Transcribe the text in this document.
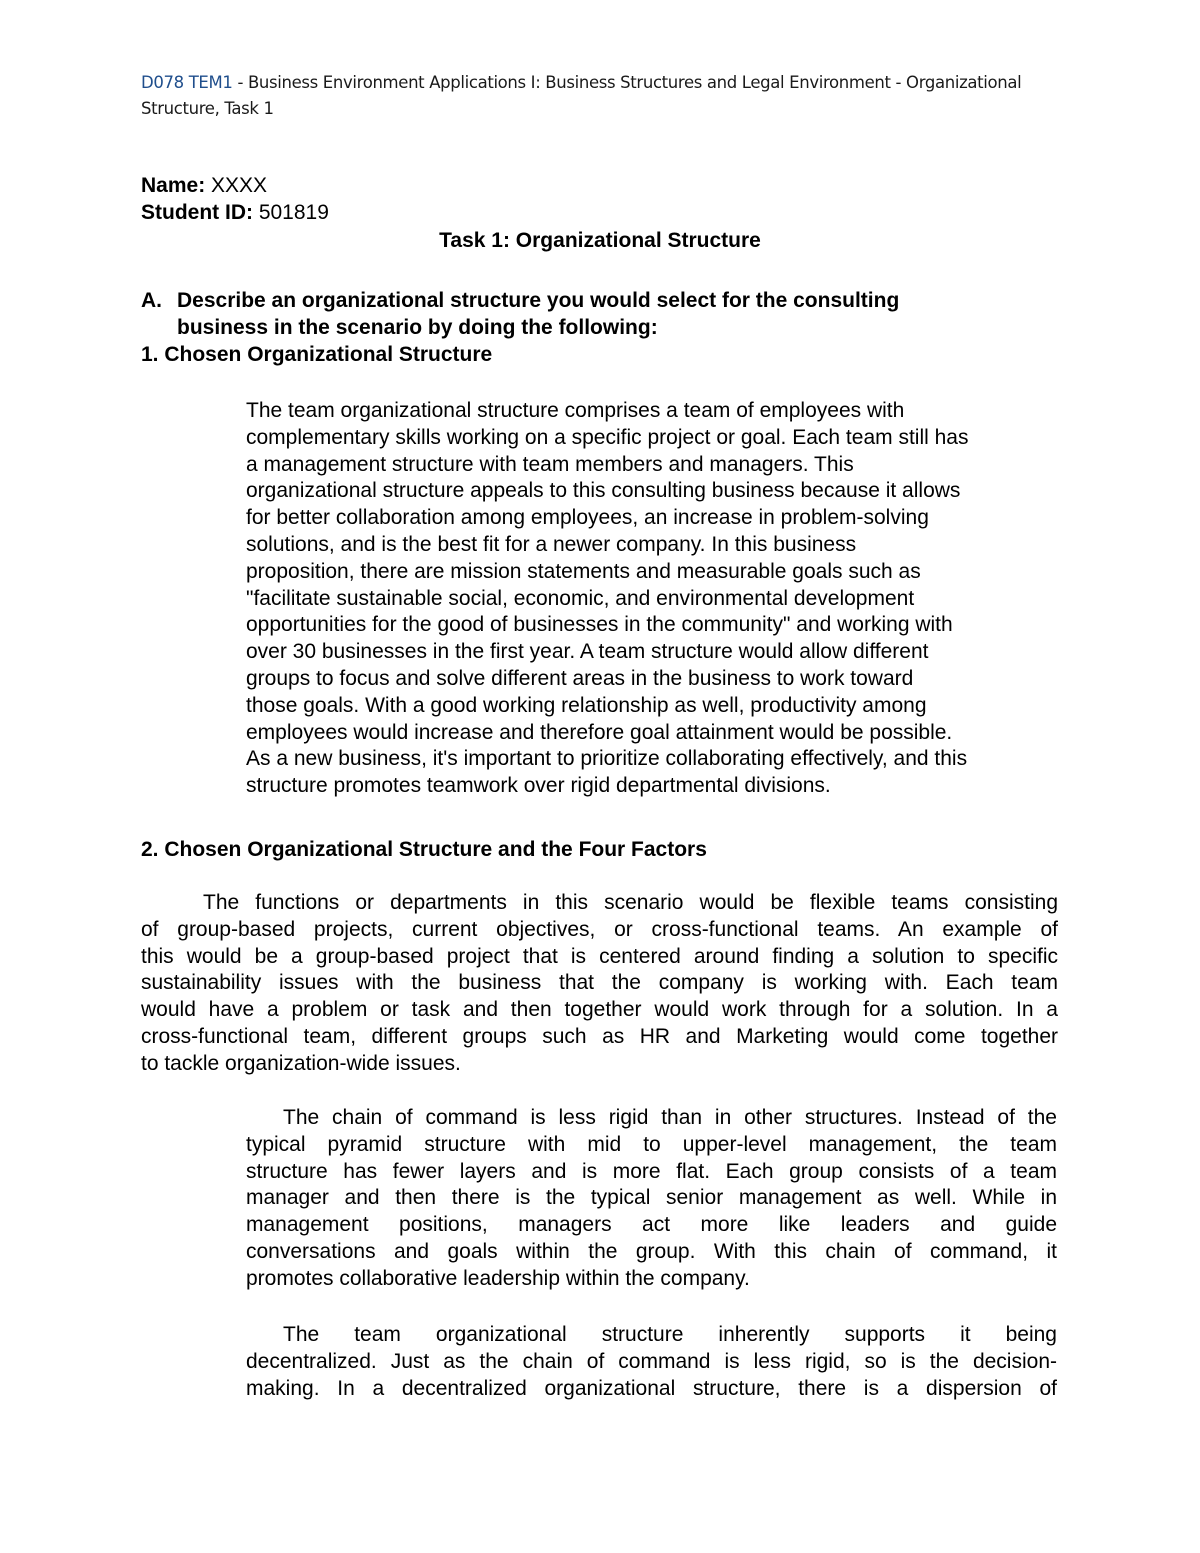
D078 TEM1 - Business Environment Applications I: Business Structures and Legal Environment - Organizational
Structure, Task 1
Name: XXXX
Student ID: 501819
Task 1: Organizational Structure
A. Describe an organizational structure you would select for the consulting
business in the scenario by doing the following:
1. Chosen Organizational Structure
The team organizational structure comprises a team of employees with
complementary skills working on a specific project or goal. Each team still has
a management structure with team members and managers. This
organizational structure appeals to this consulting business because it allows
for better collaboration among employees, an increase in problem-solving
solutions, and is the best fit for a newer company. In this business
proposition, there are mission statements and measurable goals such as
"facilitate sustainable social, economic, and environmental development
opportunities for the good of businesses in the community" and working with
over 30 businesses in the first year. A team structure would allow different
groups to focus and solve different areas in the business to work toward
those goals. With a good working relationship as well, productivity among
employees would increase and therefore goal attainment would be possible.
As a new business, it's important to prioritize collaborating effectively, and this
structure promotes teamwork over rigid departmental divisions.
2. Chosen Organizational Structure and the Four Factors
The functions or departments in this scenario would be flexible teams consisting
of group-based projects, current objectives, or cross-functional teams. An example of
this would be a group-based project that is centered around finding a solution to specific
sustainability issues with the business that the company is working with. Each team
would have a problem or task and then together would work through for a solution. In a
cross-functional team, different groups such as HR and Marketing would come together
to tackle organization-wide issues.
The chain of command is less rigid than in other structures. Instead of the
typical pyramid structure with mid to upper-level management, the team
structure has fewer layers and is more flat. Each group consists of a team
manager and then there is the typical senior management as well. While in
management positions, managers act more like leaders and guide
conversations and goals within the group. With this chain of command, it
promotes collaborative leadership within the company.
The team organizational structure inherently supports it being
decentralized. Just as the chain of command is less rigid, so is the decision-
making. In a decentralized organizational structure, there is a dispersion of
